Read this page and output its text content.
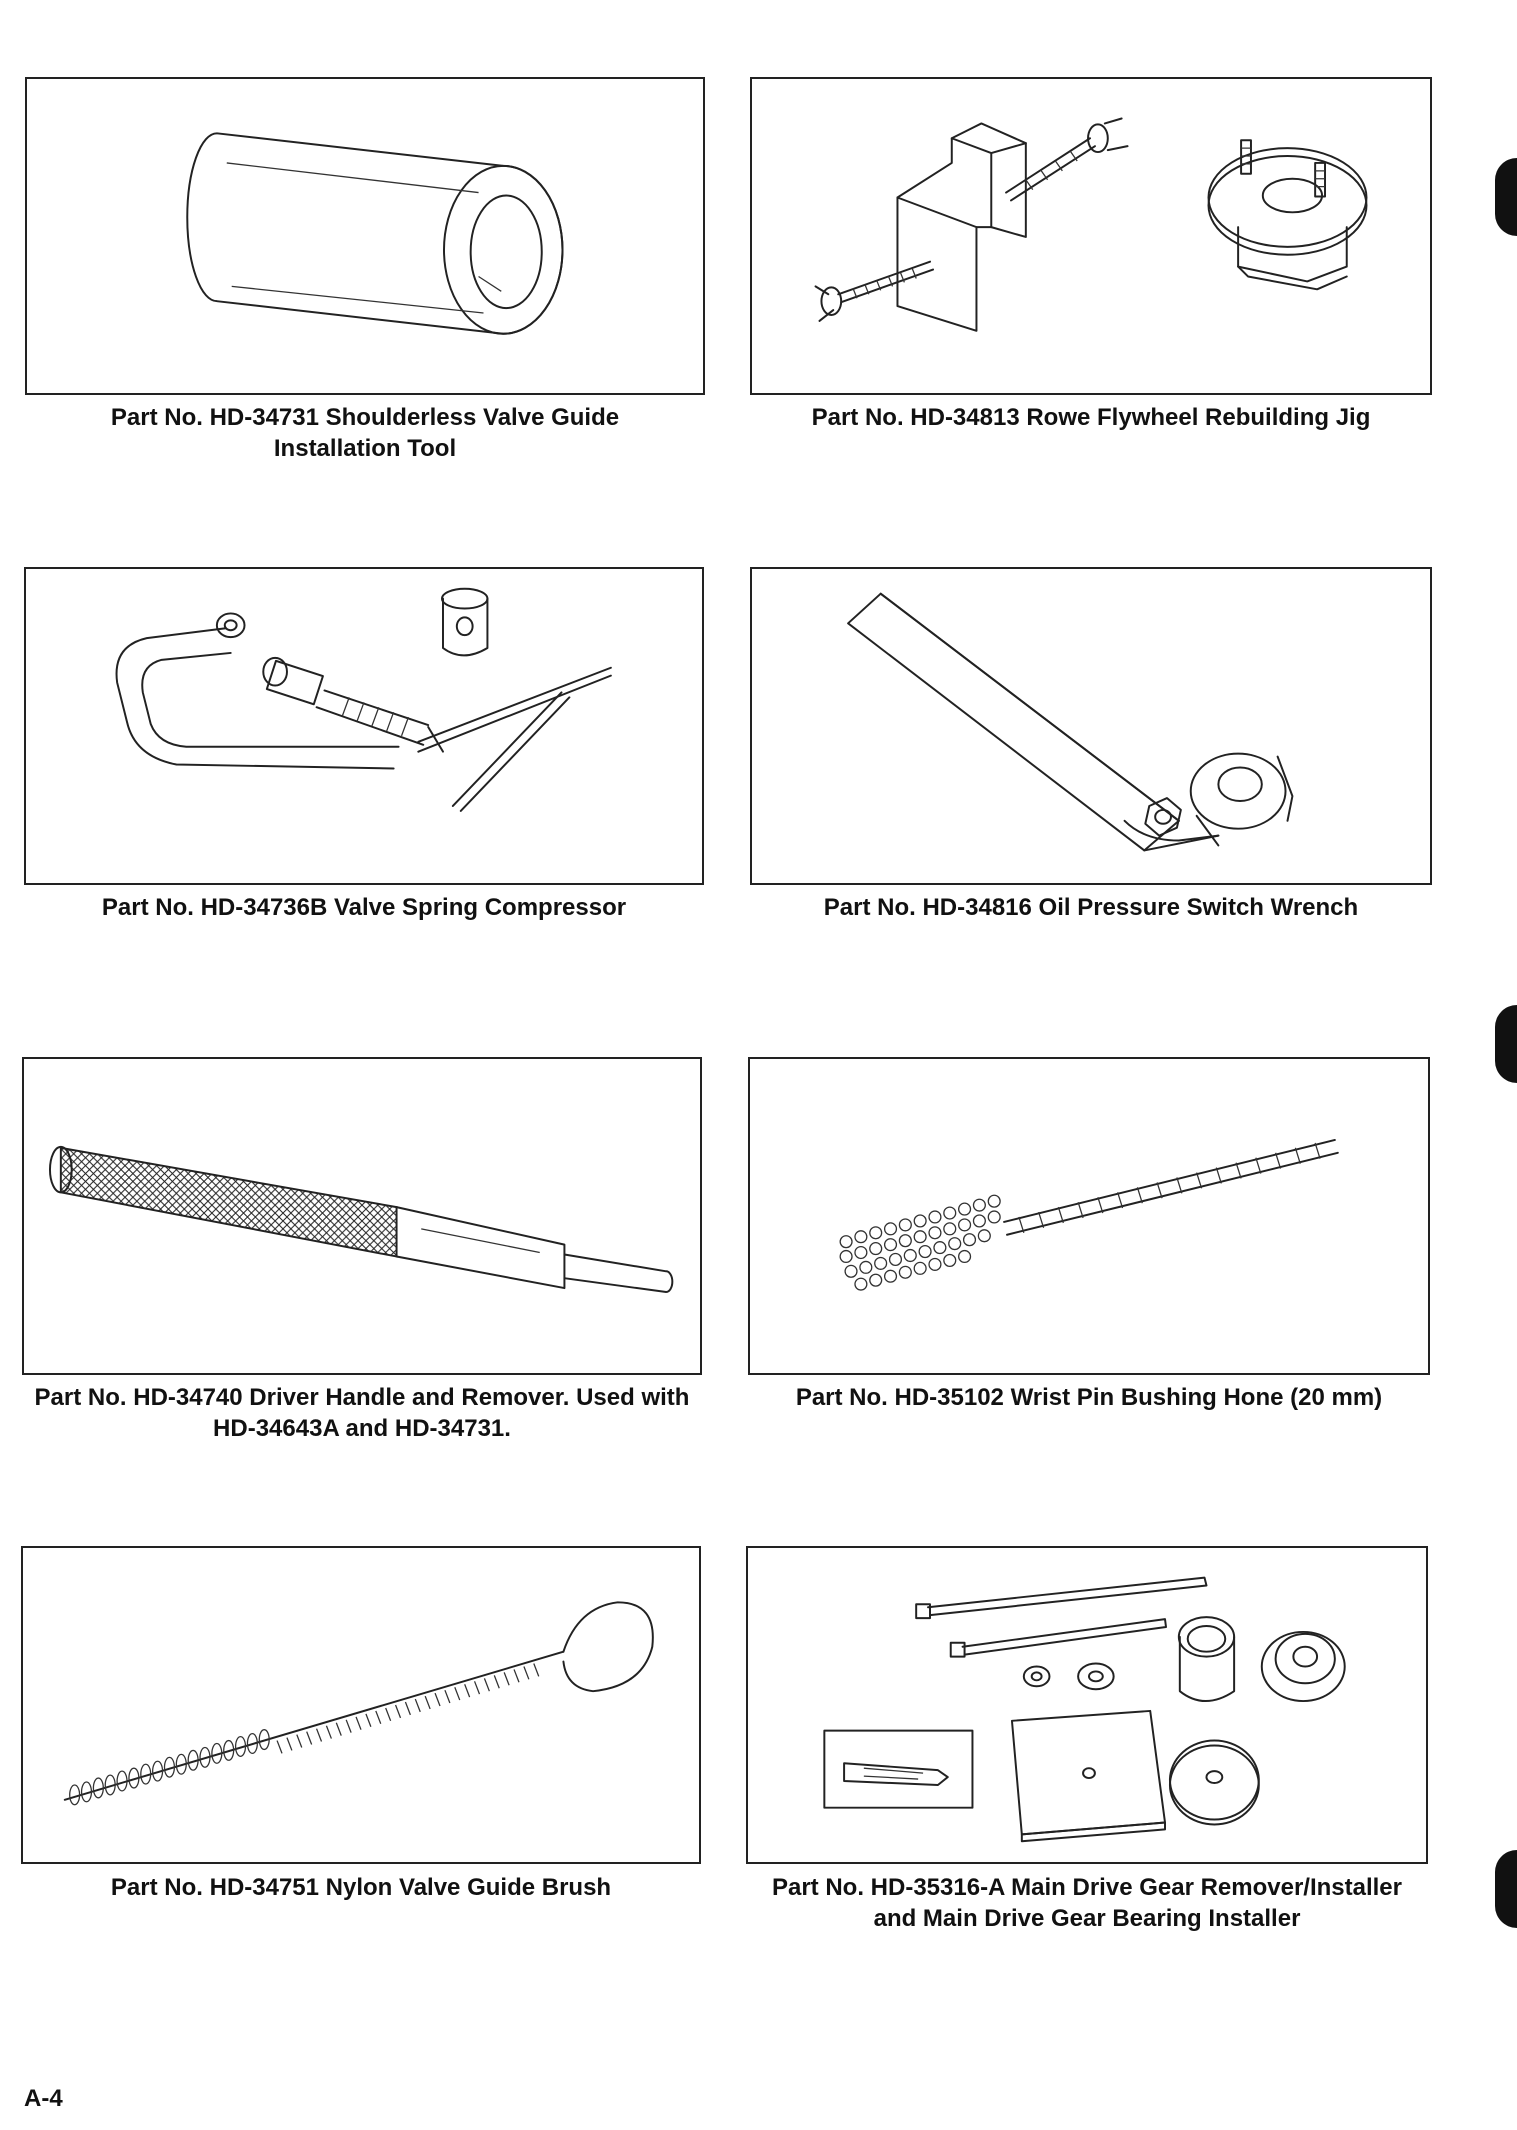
Part No. HD-34731 Shoulderless Valve Guide
Installation Tool
Part No. HD-34813 Rowe Flywheel Rebuilding Jig
Part No. HD-34736B Valve Spring Compressor	Part No. HD-34816 Oil Pressure Switch Wrench
Part No. HD-34740 Driver Handle and Remover. Used with
HD-34643A and HD-34731.
Part No. HD-35102 Wrist Pin Bushing Hone (20 mm)
Part No. HD-34751 Nylon Valve Guide Brush	Part No. HD-35316-A Main Drive Gear Remover/Installer
and Main Drive Gear Bearing Installer
A-4
